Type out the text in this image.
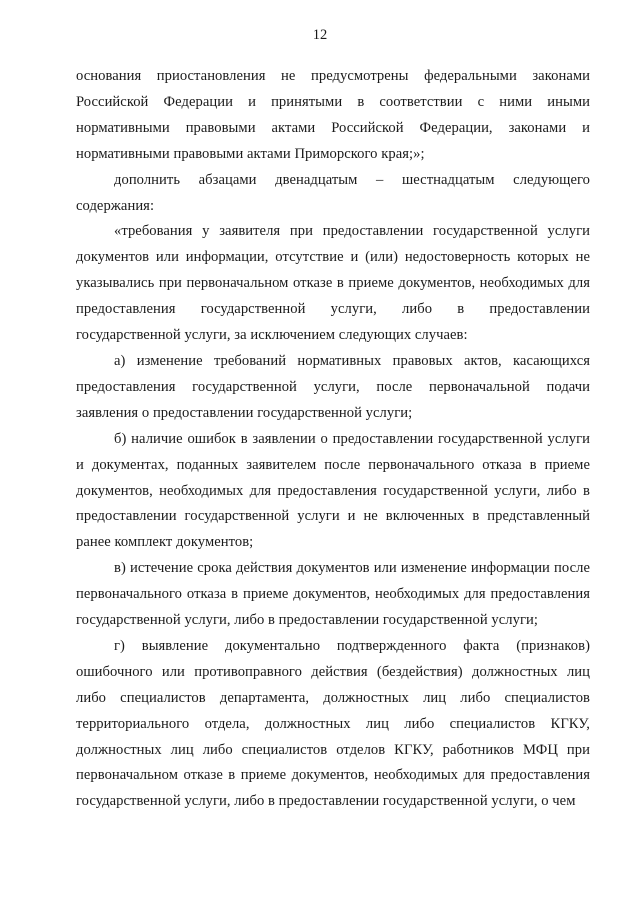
12

основания приостановления не предусмотрены федеральными законами Российской Федерации и принятыми в соответствии с ними иными нормативными правовыми актами Российской Федерации, законами и нормативными правовыми актами Приморского края;»;

дополнить абзацами двенадцатым – шестнадцатым следующего содержания:

«требования у заявителя при предоставлении государственной услуги документов или информации, отсутствие и (или) недостоверность которых не указывались при первоначальном отказе в приеме документов, необходимых для предоставления государственной услуги, либо в предоставлении государственной услуги, за исключением следующих случаев:

а) изменение требований нормативных правовых актов, касающихся предоставления государственной услуги, после первоначальной подачи заявления о предоставлении государственной услуги;

б) наличие ошибок в заявлении о предоставлении государственной услуги и документах, поданных заявителем после первоначального отказа в приеме документов, необходимых для предоставления государственной услуги, либо в предоставлении государственной услуги и не включенных в представленный ранее комплект документов;

в) истечение срока действия документов или изменение информации после первоначального отказа в приеме документов, необходимых для предоставления государственной услуги, либо в предоставлении государственной услуги;

г) выявление документально подтвержденного факта (признаков) ошибочного или противоправного действия (бездействия) должностных лиц либо специалистов департамента, должностных лиц либо специалистов территориального отдела, должностных лиц либо специалистов КГКУ, должностных лиц либо специалистов отделов КГКУ, работников МФЦ при первоначальном отказе в приеме документов, необходимых для предоставления государственной услуги, либо в предоставлении государственной услуги, о чем
